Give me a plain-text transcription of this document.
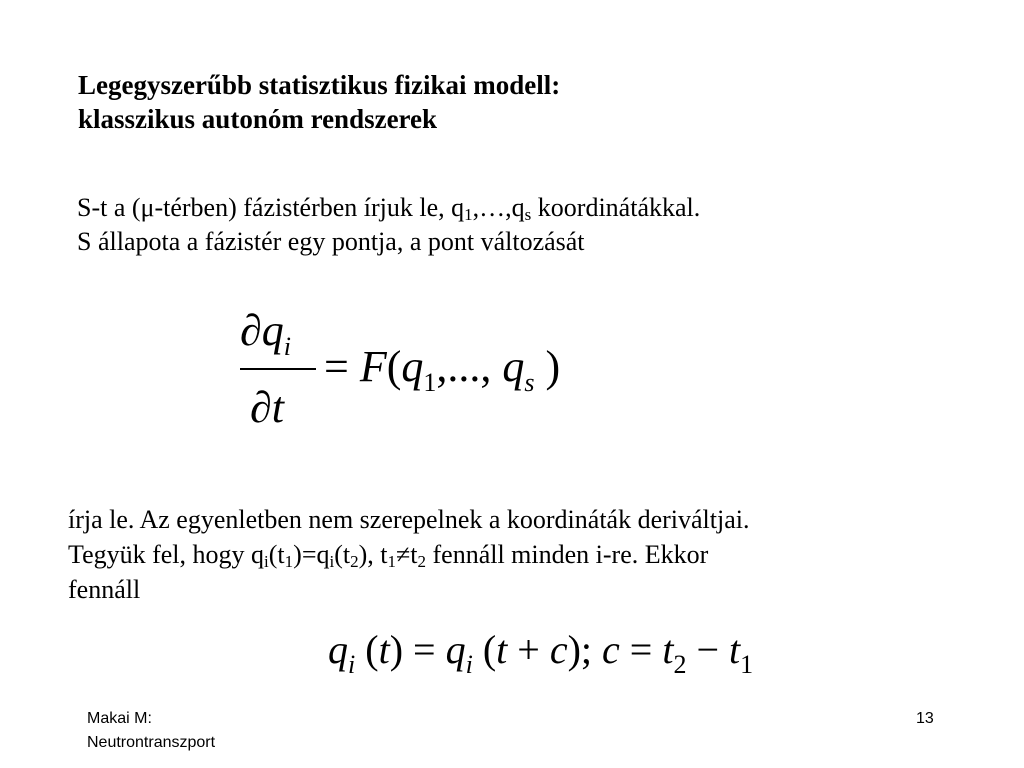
Legegyszerűbb statisztikus fizikai modell:
klasszikus autonóm rendszerek
S-t a (μ-térben) fázistérben írjuk le, $q_1,\dots,q_s$ koordinátákkal.
S állapota a fázistér egy pontja, a pont változását
$\partial q_i$
∂t
= $F(q_1$,..., $q_s$ )
írja le. Az egyenletben nem szerepelnek a koordináták deriváltjai.
Tegyük fel, hogy $q_i(t_1)=q_i(t_2)$, $t_1\ne t_2$ fennáll minden i-re. Ekkor
fennáll
$q_i$ $(t) = q_i$ (t + c); $c = t_2 - t_1$
Makai M:
Neutrontranszport
13
